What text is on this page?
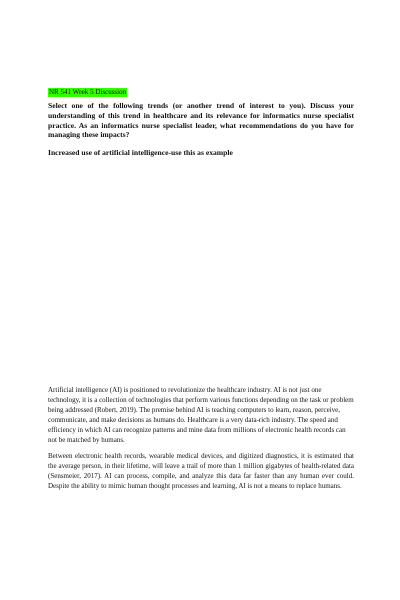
NR 541 Week 5 Discussion

Select one of the following trends (or another trend of interest to you). Discuss your understanding of this trend in healthcare and its relevance for informatics nurse specialist practice. As an informatics nurse specialist leader, what recommendations do you have for managing these impacts?

Increased use of artificial intelligence-use this as example

Artificial intelligence (AI) is positioned to revolutionize the healthcare industry. AI is not just one technology, it is a collection of technologies that perform various functions depending on the task or problem being addressed (Robert, 2019). The premise behind AI is teaching computers to learn, reason, perceive, communicate, and make decisions as humans do. Healthcare is a very data-rich industry. The speed and efficiency in which AI can recognize patterns and mine data from millions of electronic health records can not be matched by humans.

Between electronic health records, wearable medical devices, and digitized diagnostics, it is estimated that the average person, in their lifetime, will leave a trail of more than 1 million gigabytes of health-related data (Sensmeier, 2017). AI can process, compile, and analyze this data far faster than any human ever could. Despite the ability to mimic human thought processes and learning, AI is not a means to replace humans.
